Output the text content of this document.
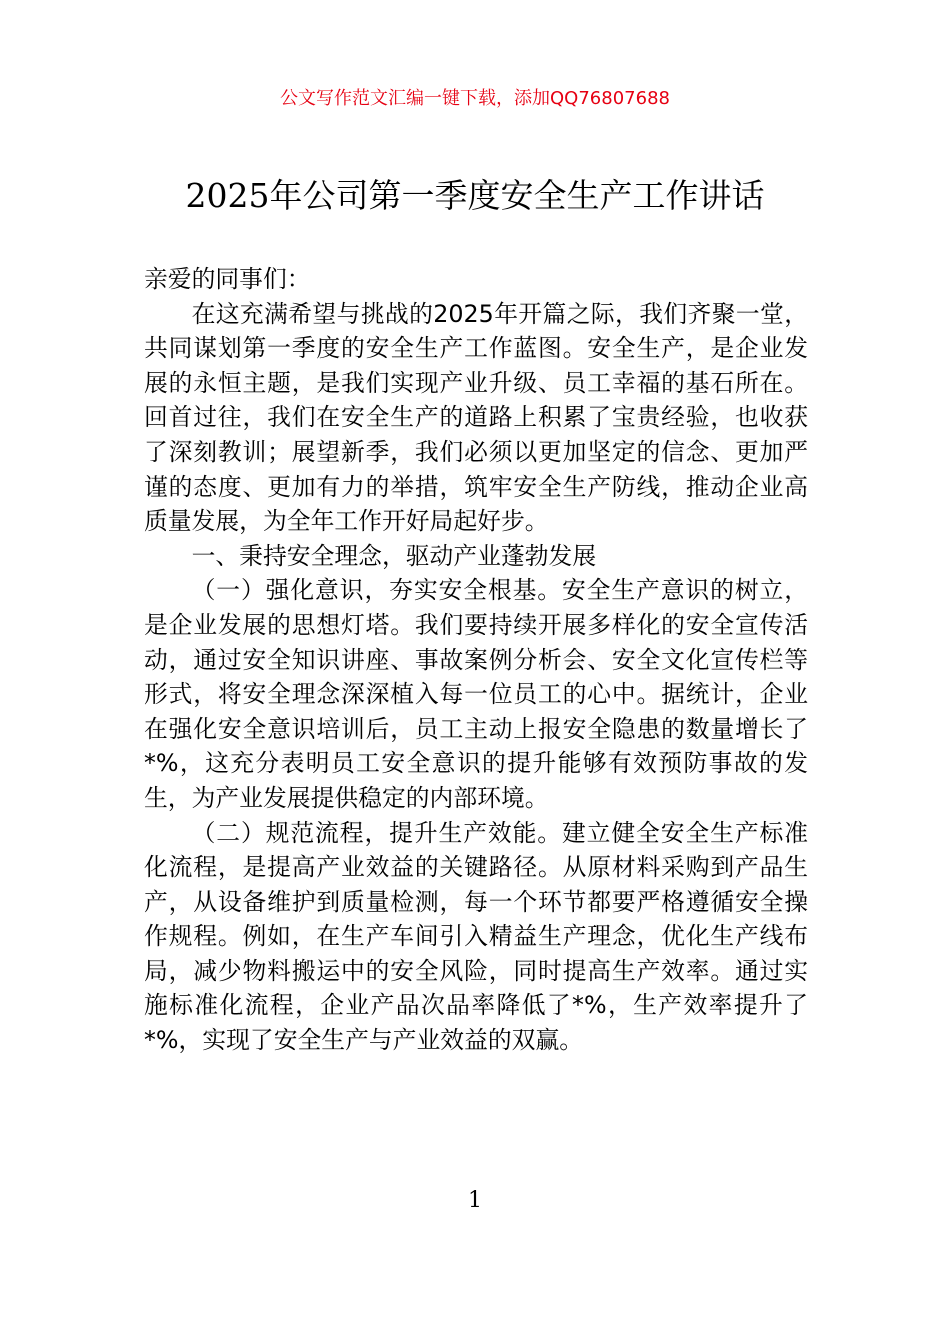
公文写作范文汇编一键下载，添加QQ76807688
2025年公司第一季度安全生产工作讲话

亲爱的同事们：

在这充满希望与挑战的2025年开篇之际，我们齐聚一堂，共同谋划第一季度的安全生产工作蓝图。安全生产，是企业发展的永恒主题，是我们实现产业升级、员工幸福的基石所在。回首过往，我们在安全生产的道路上积累了宝贵经验，也收获了深刻教训；展望新季，我们必须以更加坚定的信念、更加严谨的态度、更加有力的举措，筑牢安全生产防线，推动企业高质量发展，为全年工作开好局起好步。

一、秉持安全理念，驱动产业蓬勃发展

（一）强化意识，夯实安全根基。安全生产意识的树立，是企业发展的思想灯塔。我们要持续开展多样化的安全宣传活动，通过安全知识讲座、事故案例分析会、安全文化宣传栏等形式，将安全理念深深植入每一位员工的心中。据统计，企业在强化安全意识培训后，员工主动上报安全隐患的数量增长了*%，这充分表明员工安全意识的提升能够有效预防事故的发生，为产业发展提供稳定的内部环境。

（二）规范流程，提升生产效能。建立健全安全生产标准化流程，是提高产业效益的关键路径。从原材料采购到产品生产，从设备维护到质量检测，每一个环节都要严格遵循安全操作规程。例如，在生产车间引入精益生产理念，优化生产线布局，减少物料搬运中的安全风险，同时提高生产效率。通过实施标准化流程，企业产品次品率降低了*%，生产效率提升了*%，实现了安全生产与产业效益的双赢。

1
